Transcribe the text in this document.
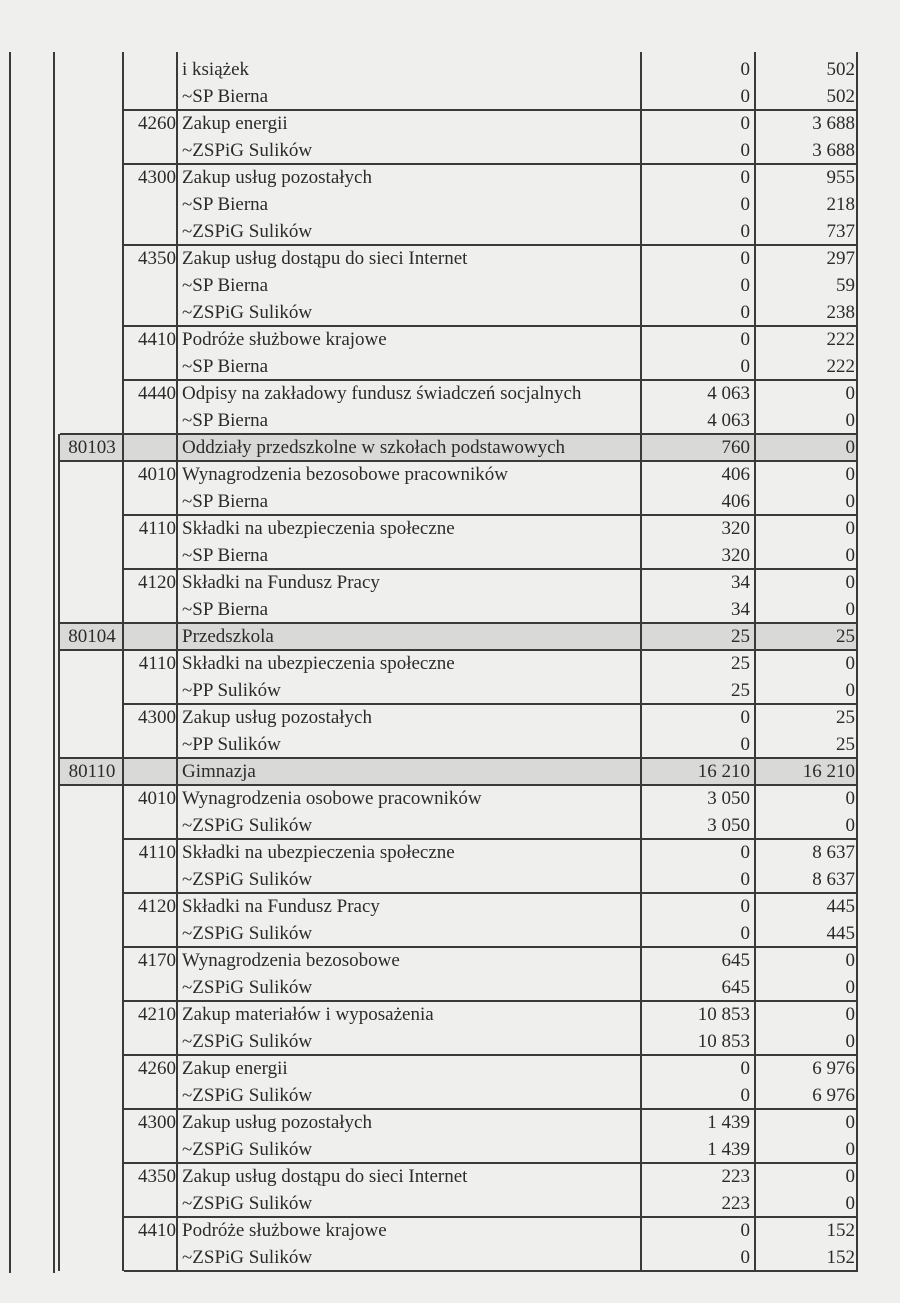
i książek	0	502
~SP Bierna	0	502
4260 Zakup energii	0	3 688
~ZSPiG Sulików	0	3 688
4300 Zakup usług pozostałych	0	955
~SP Bierna	0	218
~ZSPiG Sulików	0	737
4350 Zakup usług dostąpu do sieci Internet	0	297
~SP Bierna	0	59
~ZSPiG Sulików	0	238
4410 Podróże służbowe krajowe	0	222
~SP Bierna	0	222
4440 Odpisy na zakładowy fundusz świadczeń socjalnych	4 063	0
~SP Bierna	4 063	0
80103	Oddziały przedszkolne w szkołach podstawowych	760	0
4010 Wynagrodzenia bezosobowe pracowników	406	0
~SP Bierna	406	0
4110 Składki na ubezpieczenia społeczne	320	0
~SP Bierna	320	0
4120 Składki na Fundusz Pracy	34	0
~SP Bierna	34	0
80104	Przedszkola	25	25
4110 Składki na ubezpieczenia społeczne	25	0
~PP Sulików	25	0
4300 Zakup usług pozostałych	0	25
~PP Sulików	0	25
80110	Gimnazja	16 210	16 210
4010 Wynagrodzenia osobowe pracowników	3 050	0
~ZSPiG Sulików	3 050	0
4110 Składki na ubezpieczenia społeczne	0	8 637
~ZSPiG Sulików	0	8 637
4120 Składki na Fundusz Pracy	0	445
~ZSPiG Sulików	0	445
4170 Wynagrodzenia bezosobowe	645	0
~ZSPiG Sulików	645	0
4210 Zakup materiałów i wyposażenia	10 853	0
~ZSPiG Sulików	10 853	0
4260 Zakup energii	0	6 976
~ZSPiG Sulików	0	6 976
4300 Zakup usług pozostałych	1 439	0
~ZSPiG Sulików	1 439	0
4350 Zakup usług dostąpu do sieci Internet	223	0
~ZSPiG Sulików	223	0
4410 Podróże służbowe krajowe	0	152
~ZSPiG Sulików	0	152
